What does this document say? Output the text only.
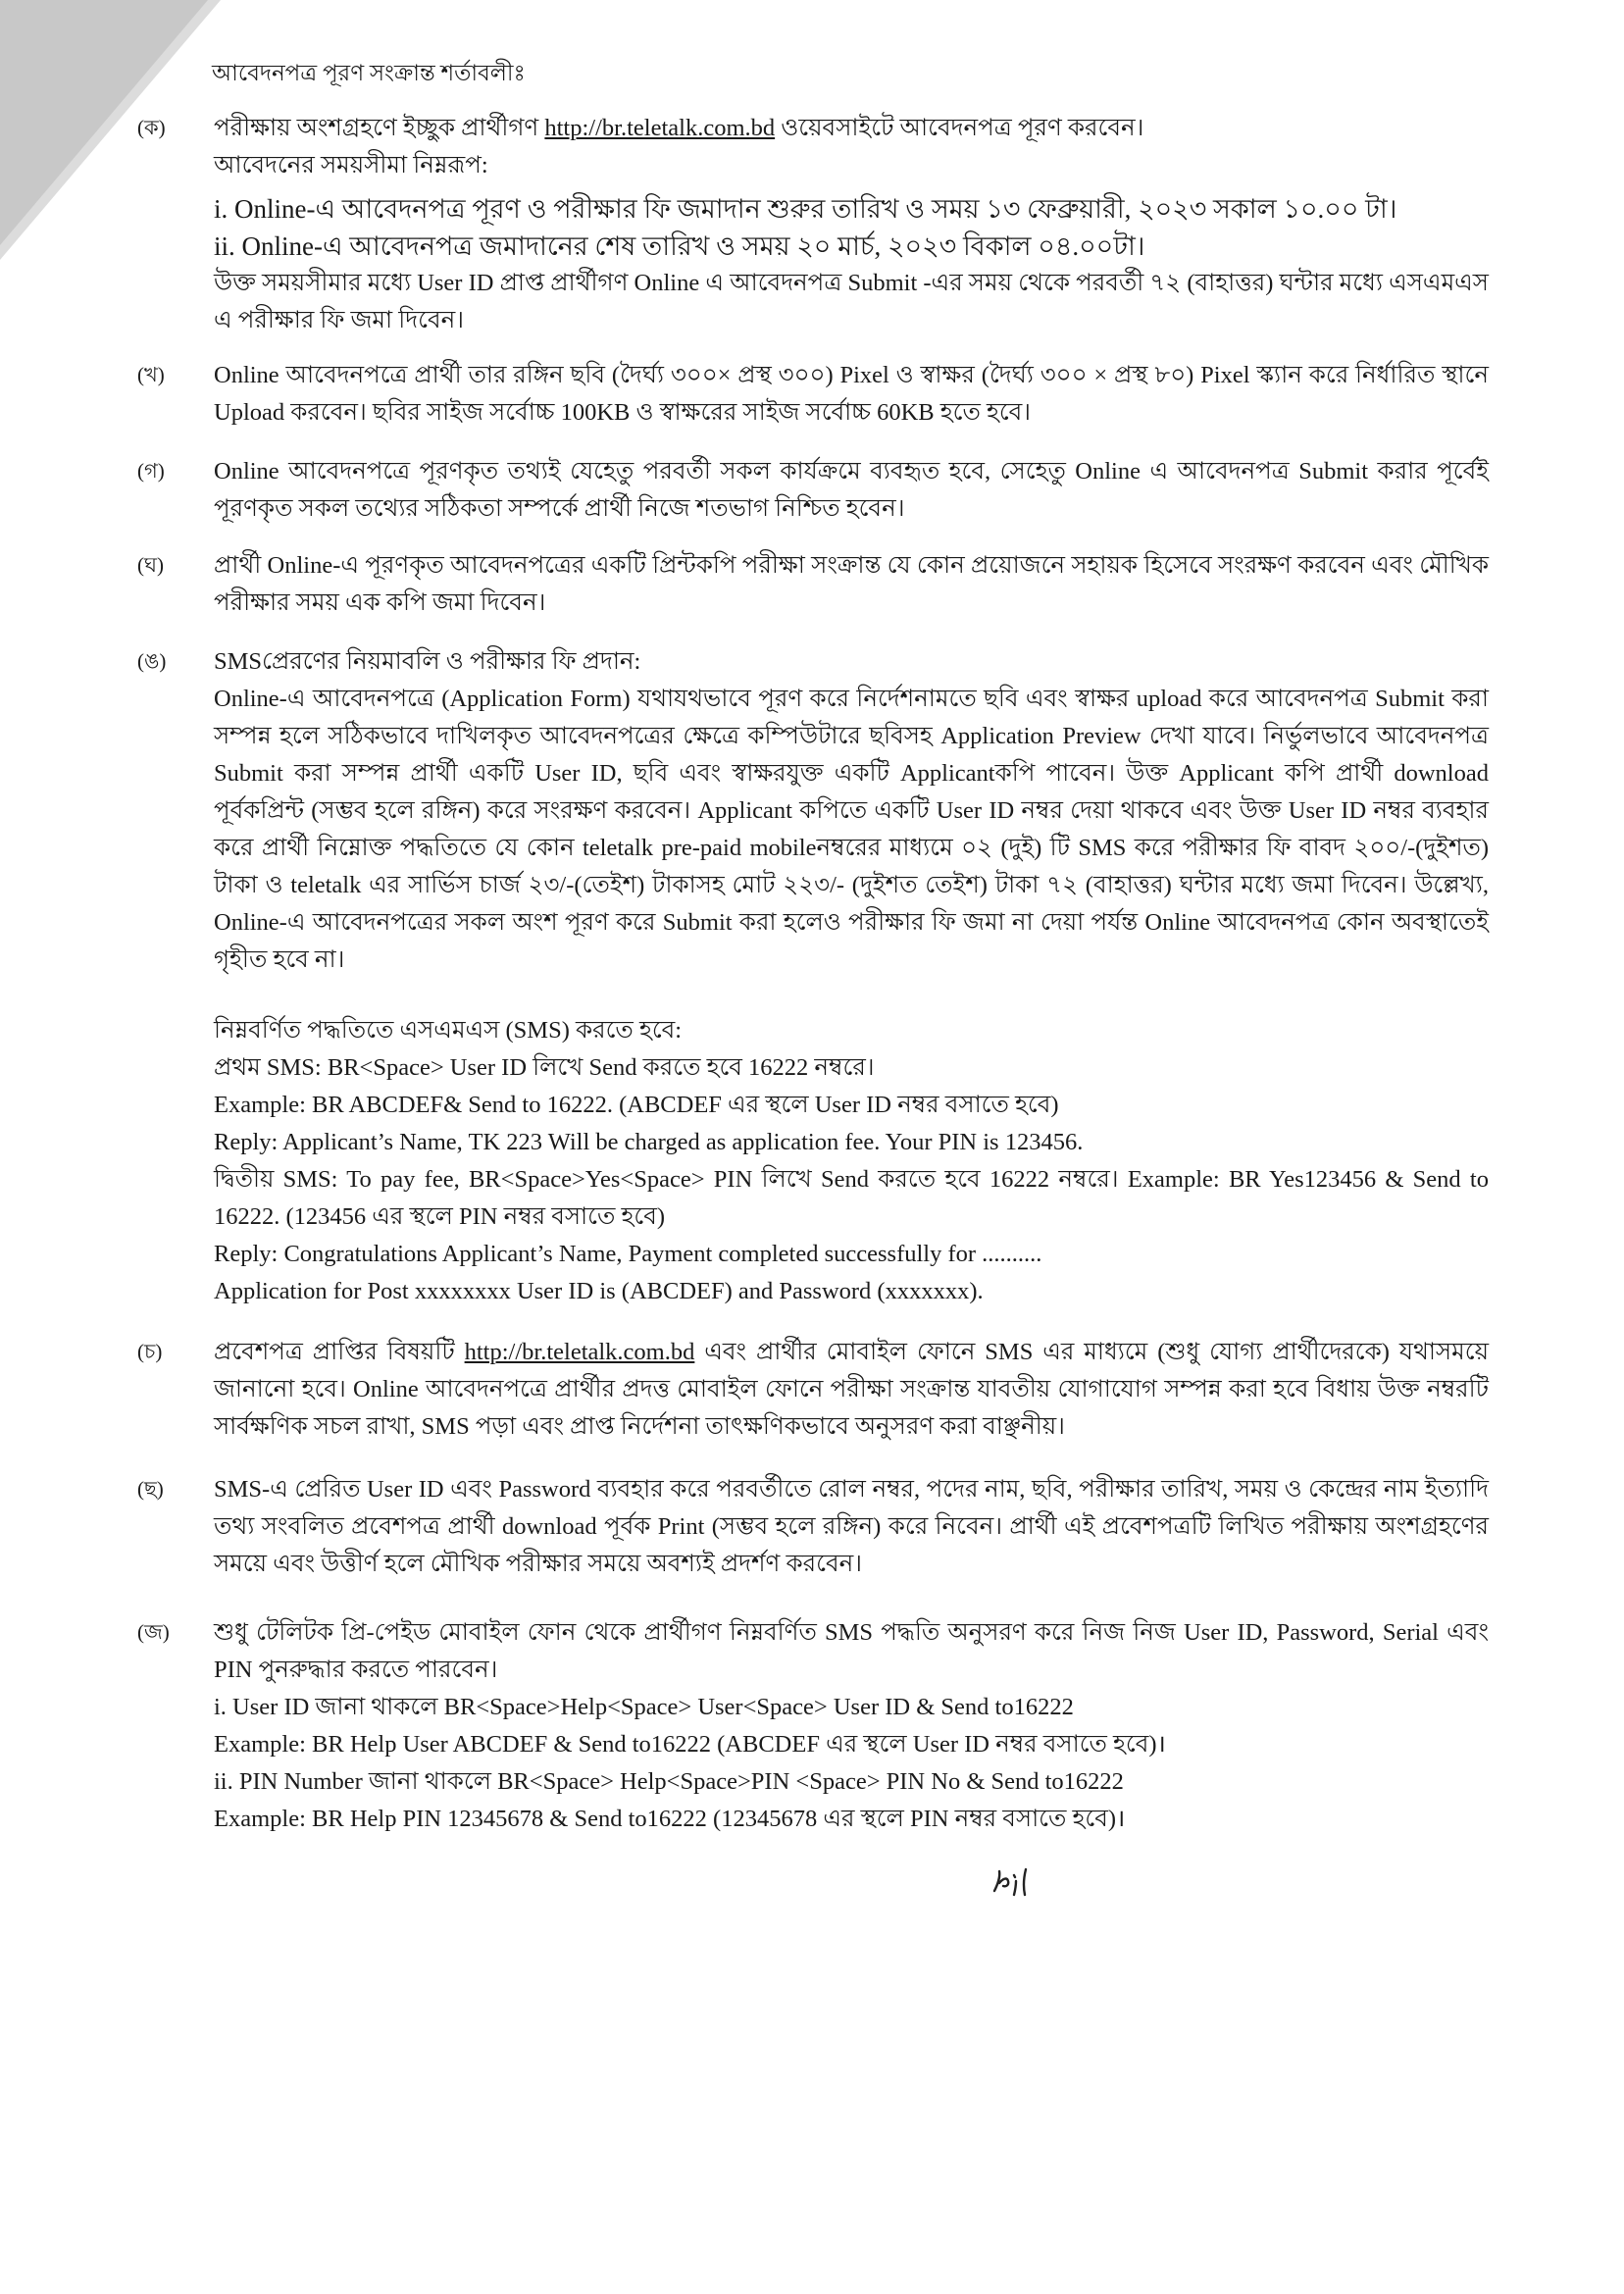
আবেদনপত্র পূরণ সংক্রান্ত শর্তাবলীঃ
(ক) পরীক্ষায় অংশগ্রহণে ইচ্ছুক প্রার্থীগণ http://br.teletalk.com.bd ওয়েবসাইটে আবেদনপত্র পূরণ করবেন।

আবেদনের সময়সীমা নিম্নরূপ:

i. Online-এ আবেদনপত্র পূরণ ও পরীক্ষার ফি জমাদান শুরুর তারিখ ও সময় ১৩ ফেব্রুয়ারী, ২০২৩ সকাল ১০.০০ টা।

ii. Online-এ আবেদনপত্র জমাদানের শেষ তারিখ ও সময় ২০ মার্চ, ২০২৩ বিকাল ০৪.০০টা।

উক্ত সময়সীমার মধ্যে User ID প্রাপ্ত প্রার্থীগণ Online এ আবেদনপত্র Submit -এর সময় থেকে পরবর্তী ৭২ (বাহাত্তর) ঘন্টার মধ্যে এসএমএস এ পরীক্ষার ফি জমা দিবেন।

(খ) Online আবেদনপত্রে প্রার্থী তার রঙ্গিন ছবি (দৈর্ঘ্য ৩০০× প্রস্থ ৩০০) Pixel ও স্বাক্ষর (দৈর্ঘ্য ৩০০ × প্রস্থ ৮০) Pixel স্ক্যান করে নির্ধারিত স্থানে Upload করবেন। ছবির সাইজ সর্বোচ্চ 100KB ও স্বাক্ষরের সাইজ সর্বোচ্চ 60KB হতে হবে।

(গ) Online আবেদনপত্রে পূরণকৃত তথ্যই যেহেতু পরবর্তী সকল কার্যক্রমে ব্যবহৃত হবে, সেহেতু Online এ আবেদনপত্র Submit করার পূর্বেই পূরণকৃত সকল তথ্যের সঠিকতা সম্পর্কে প্রার্থী নিজে শতভাগ নিশ্চিত হবেন।

(ঘ) প্রার্থী Online-এ পূরণকৃত আবেদনপত্রের একটি প্রিন্টকপি পরীক্ষা সংক্রান্ত যে কোন প্রয়োজনে সহায়ক হিসেবে সংরক্ষণ করবেন এবং মৌখিক পরীক্ষার সময় এক কপি জমা দিবেন।

(ঙ) SMSপ্রেরণের নিয়মাবলি ও পরীক্ষার ফি প্রদান:

Online-এ আবেদনপত্রে (Application Form) যথাযথভাবে পূরণ করে নির্দেশনামতে ছবি এবং স্বাক্ষর upload করে আবেদনপত্র Submit করা সম্পন্ন হলে সঠিকভাবে দাখিলকৃত আবেদনপত্রের ক্ষেত্রে কম্পিউটারে ছবিসহ Application Preview দেখা যাবে। নির্ভুলভাবে আবেদনপত্র Submit করা সম্পন্ন প্রার্থী একটি User ID, ছবি এবং স্বাক্ষরযুক্ত একটি Applicantকপি পাবেন। উক্ত Applicant কপি প্রার্থী download পূর্বকপ্রিন্ট (সম্ভব হলে রঙ্গিন) করে সংরক্ষণ করবেন। Applicant কপিতে একটি User ID নম্বর দেয়া থাকবে এবং উক্ত User ID নম্বর ব্যবহার করে প্রার্থী নিম্নোক্ত পদ্ধতিতে যে কোন teletalk pre-paid mobileনম্বরের মাধ্যমে ০২ (দুই) টি SMS করে পরীক্ষার ফি বাবদ ২০০/-(দুইশত) টাকা ও teletalk এর সার্ভিস চার্জ ২৩/-(তেইশ) টাকাসহ মোট ২২৩/- (দুইশত তেইশ) টাকা ৭২ (বাহাত্তর) ঘন্টার মধ্যে জমা দিবেন। উল্লেখ্য, Online-এ আবেদনপত্রের সকল অংশ পূরণ করে Submit করা হলেও পরীক্ষার ফি জমা না দেয়া পর্যন্ত Online আবেদনপত্র কোন অবস্থাতেই গৃহীত হবে না।

নিম্নবর্ণিত পদ্ধতিতে এসএমএস (SMS) করতে হবে:

প্রথম SMS: BR<Space> User ID লিখে Send করতে হবে 16222 নম্বরে।

Example: BR ABCDEF& Send to 16222. (ABCDEF এর স্থলে User ID নম্বর বসাতে হবে)

Reply: Applicant’s Name, TK 223 Will be charged as application fee. Your PIN is 123456.

দ্বিতীয় SMS: To pay fee, BR<Space>Yes<Space> PIN লিখে Send করতে হবে 16222 নম্বরে। Example: BR Yes123456 & Send to 16222. (123456 এর স্থলে PIN নম্বর বসাতে হবে)

Reply: Congratulations Applicant’s Name, Payment completed successfully for ..........

Application for Post xxxxxxxx User ID is (ABCDEF) and Password (xxxxxxx).

(চ) প্রবেশপত্র প্রাপ্তির বিষয়টি http://br.teletalk.com.bd এবং প্রার্থীর মোবাইল ফোনে SMS এর মাধ্যমে (শুধু যোগ্য প্রার্থীদেরকে) যথাসময়ে জানানো হবে। Online আবেদনপত্রে প্রার্থীর প্রদত্ত মোবাইল ফোনে পরীক্ষা সংক্রান্ত যাবতীয় যোগাযোগ সম্পন্ন করা হবে বিধায় উক্ত নম্বরটি সার্বক্ষণিক সচল রাখা, SMS পড়া এবং প্রাপ্ত নির্দেশনা তাৎক্ষণিকভাবে অনুসরণ করা বাঞ্ছনীয়।

(ছ) SMS-এ প্রেরিত User ID এবং Password ব্যবহার করে পরবর্তীতে রোল নম্বর, পদের নাম, ছবি, পরীক্ষার তারিখ, সময় ও কেন্দ্রের নাম ইত্যাদি তথ্য সংবলিত প্রবেশপত্র প্রার্থী download পূর্বক Print (সম্ভব হলে রঙ্গিন) করে নিবেন। প্রার্থী এই প্রবেশপত্রটি লিখিত পরীক্ষায় অংশগ্রহণের সময়ে এবং উত্তীর্ণ হলে মৌখিক পরীক্ষার সময়ে অবশ্যই প্রদর্শণ করবেন।

(জ) শুধু টেলিটক প্রি-পেইড মোবাইল ফোন থেকে প্রার্থীগণ নিম্নবর্ণিত SMS পদ্ধতি অনুসরণ করে নিজ নিজ User ID, Password, Serial এবং PIN পুনরুদ্ধার করতে পারবেন।

i. User ID জানা থাকলে BR<Space>Help<Space> User<Space> User ID & Send to16222

Example: BR Help User ABCDEF & Send to16222 (ABCDEF এর স্থলে User ID নম্বর বসাতে হবে)।

ii. PIN Number জানা থাকলে BR<Space> Help<Space>PIN <Space> PIN No & Send to16222

Example: BR Help PIN 12345678 & Send to16222 (12345678 এর স্থলে PIN নম্বর বসাতে হবে)।
